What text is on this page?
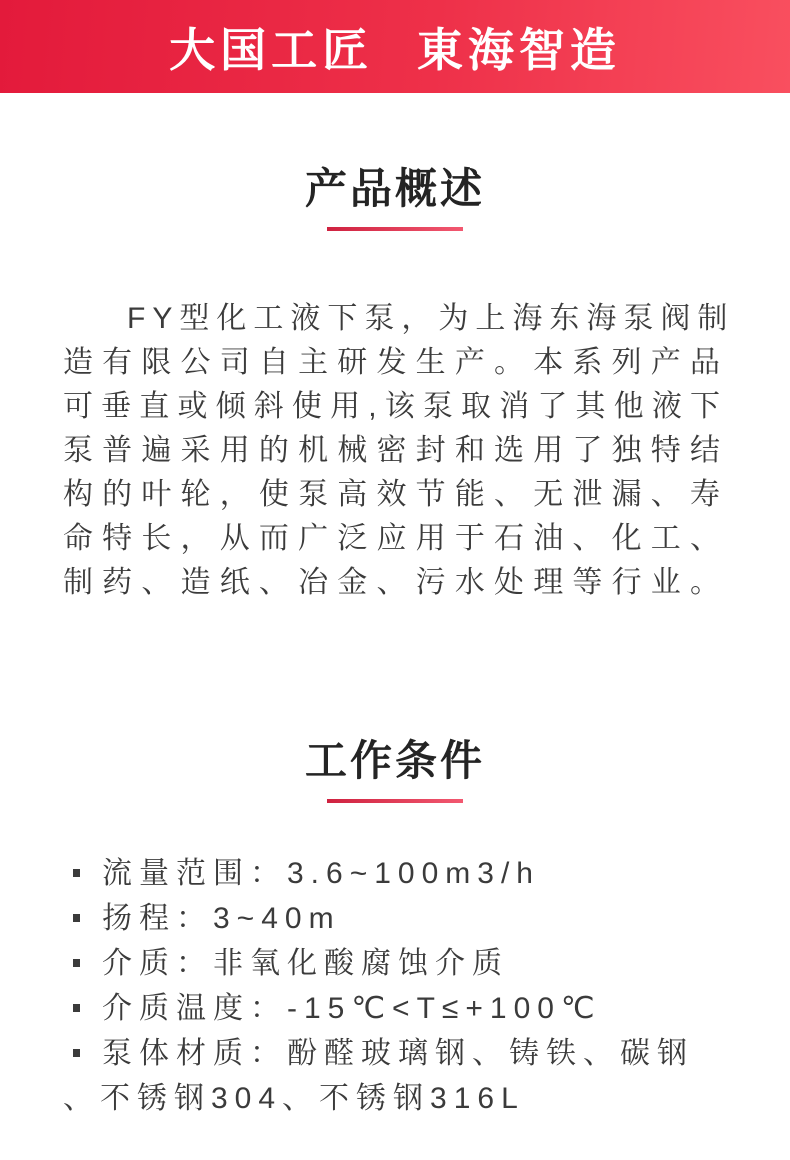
大国工匠 東海智造
产品概述
FY型化工液下泵，为上海东海泵阀制
造有限公司自主研发生产。本系列产品
可垂直或倾斜使用,该泵取消了其他液下
泵普遍采用的机械密封和选用了独特结
构的叶轮，使泵高效节能、无泄漏、寿
命特长，从而广泛应用于石油、化工、
制药、造纸、冶金、污水处理等行业。
工作条件
流量范围：3.6~100m3/h
扬程：3~40m
介质：非氧化酸腐蚀介质
介质温度：-15℃<T≤+100℃
泵体材质：酚醛玻璃钢、铸铁、碳钢、不锈钢304、不锈钢316L
